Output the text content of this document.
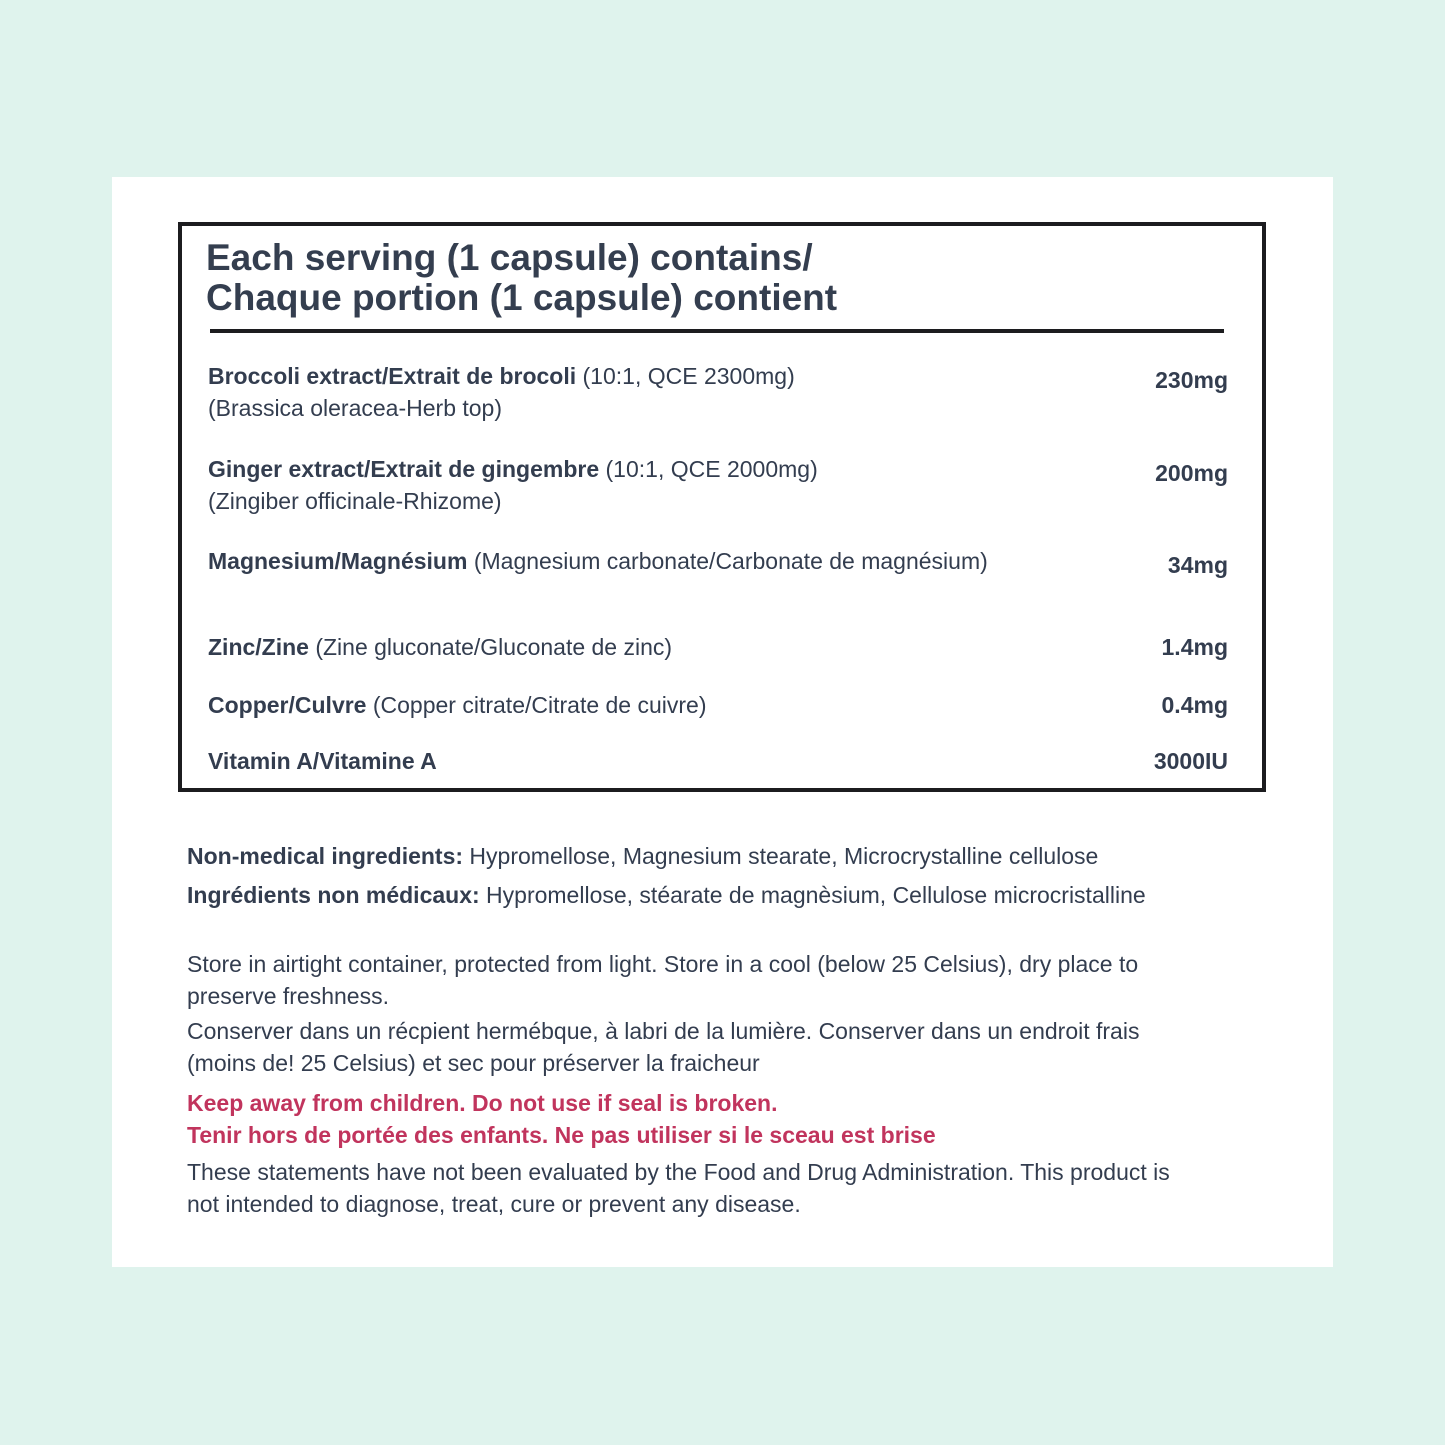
Each serving (1 capsule) contains/
Chaque portion (1 capsule) contient
Broccoli extract/Extrait de brocoli (10:1, QCE 2300mg)
(Brassica oleracea-Herb top)
230mg
Ginger extract/Extrait de gingembre (10:1, QCE 2000mg)
(Zingiber officinale-Rhizome)
200mg
Magnesium/Magnésium (Magnesium carbonate/Carbonate de magnésium)	34mg
Zinc/Zine (Zine gluconate/Gluconate de zinc)	1.4mg
Copper/Culvre (Copper citrate/Citrate de cuivre)	0.4mg
Vitamin A/Vitamine A	3000IU
Non-medical ingredients: Hypromellose, Magnesium stearate, Microcrystalline cellulose
Ingrédients non médicaux: Hypromellose, stéarate de magnèsium, Cellulose microcristalline
Store in airtight container, protected from light. Store in a cool (below 25 Celsius), dry place to preserve freshness.
Conserver dans un récpient hermébque, à labri de la lumière. Conserver dans un endroit frais (moins de! 25 Celsius) et sec pour préserver la fraicheur
Keep away from children. Do not use if seal is broken.
Tenir hors de portée des enfants. Ne pas utiliser si le sceau est brise
These statements have not been evaluated by the Food and Drug Administration. This product is not intended to diagnose, treat, cure or prevent any disease.
